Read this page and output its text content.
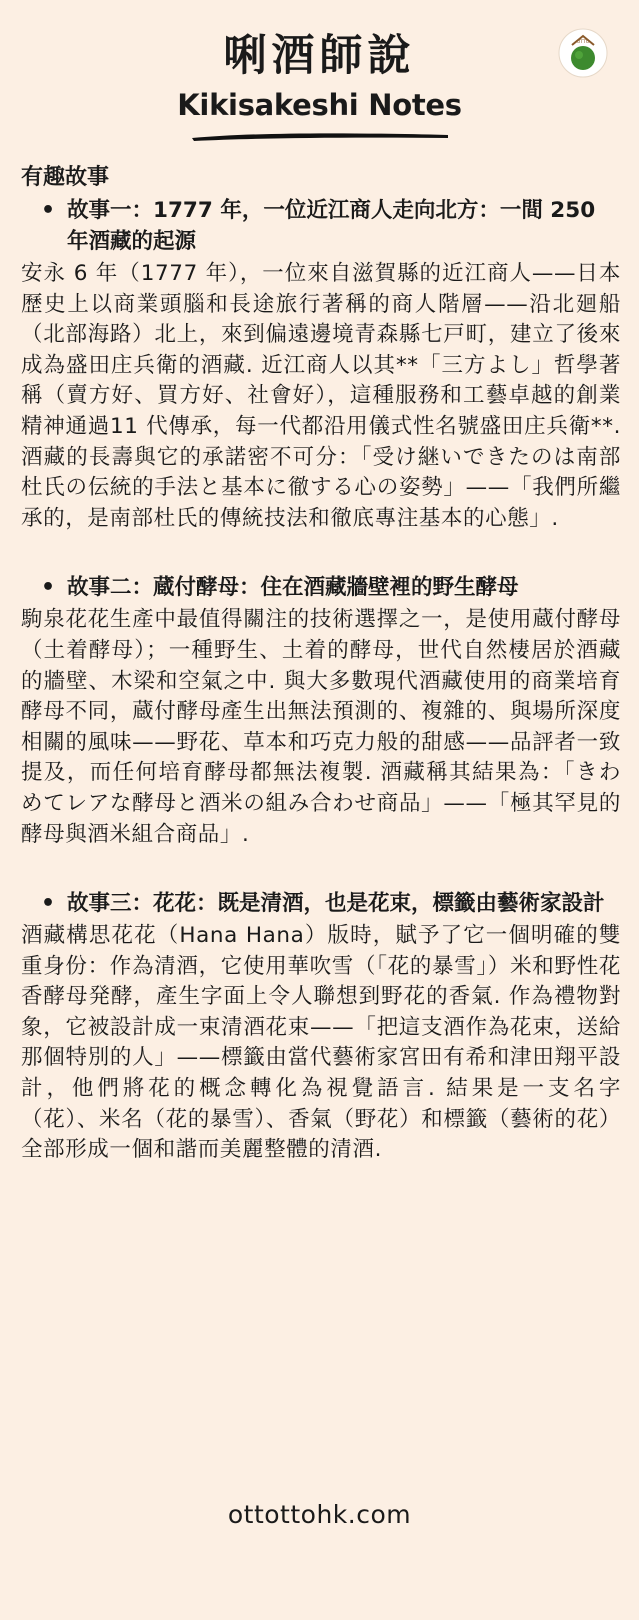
唎酒師說
Kikisakeshi Notes
OTTO
有趣故事
• 故事一：1777 年，一位近江商人走向北方：一間 250 年酒藏的起源

安永 6 年（1777 年），一位來自滋賀縣的近江商人——日本歷史上以商業頭腦和長途旅行著稱的商人階層——沿北廻船（北部海路）北上，來到偏遠邊境青森縣七戸町，建立了後來成為盛田庄兵衛的酒藏. 近江商人以其**「三方よし」哲學著稱（賣方好、買方好、社會好），這種服務和工藝卓越的創業精神通過11 代傳承，每一代都沿用儀式性名號盛田庄兵衛**. 酒藏的長壽與它的承諾密不可分：「受け継いできたのは南部杜氏の伝統的手法と基本に徹する心の姿勢」——「我們所繼承的，是南部杜氏的傳統技法和徹底專注基本的心態」.

• 故事二：蔵付酵母：住在酒藏牆壁裡的野生酵母

駒泉花花生產中最值得關注的技術選擇之一，是使用蔵付酵母（土着酵母）；一種野生、土着的酵母，世代自然棲居於酒藏的牆壁、木梁和空氣之中. 與大多數現代酒藏使用的商業培育酵母不同，蔵付酵母產生出無法預測的、複雜的、與場所深度相關的風味——野花、草本和巧克力般的甜感——品評者一致提及，而任何培育酵母都無法複製. 酒藏稱其結果為：「きわめてレアな酵母と酒米の組み合わせ商品」——「極其罕見的酵母與酒米組合商品」.

• 故事三：花花：既是清酒，也是花束，標籤由藝術家設計

酒藏構思花花（Hana Hana）版時，賦予了它一個明確的雙重身份：作為清酒，它使用華吹雪（「花的暴雪」）米和野性花香酵母発酵，產生字面上令人聯想到野花的香氣. 作為禮物對象，它被設計成一束清酒花束——「把這支酒作為花束，送給那個特別的人」——標籤由當代藝術家宮田有希和津田翔平設計，他們將花的概念轉化為視覺語言. 結果是一支名字（花）、米名（花的暴雪）、香氣（野花）和標籤（藝術的花）全部形成一個和諧而美麗整體的清酒.

ottottohk.com
